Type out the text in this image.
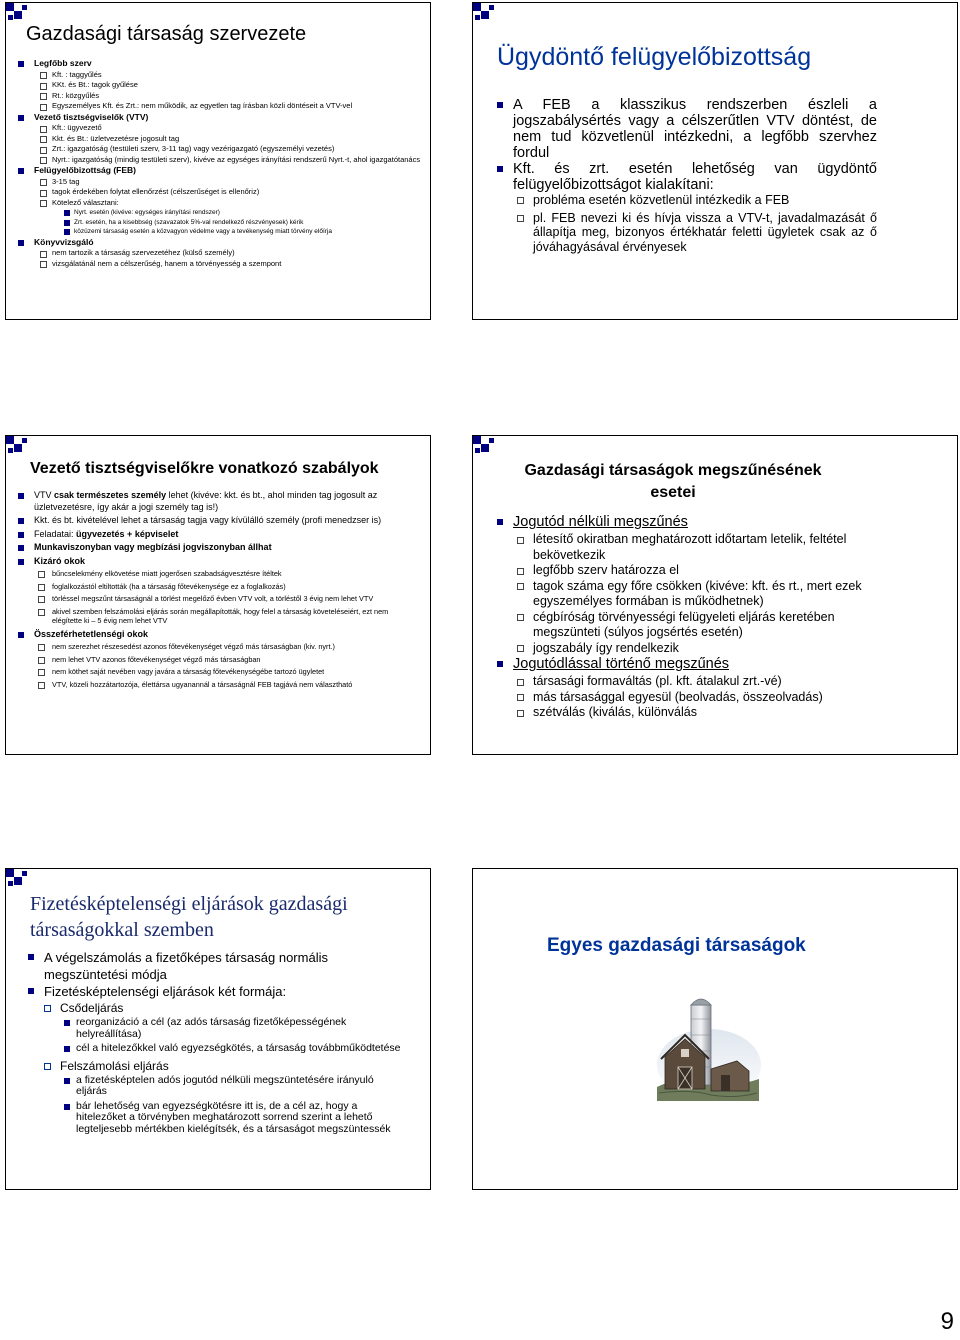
Gazdasági társaság szervezete
Legfőbb szerv
Kft. : taggyűlés
KKt. és Bt.: tagok gyűlése
Rt.: közgyűlés
Egyszemélyes Kft. és Zrt.: nem működik, az egyetlen tag írásban közli döntéseit a VTV-vel
Vezető tisztségviselők (VTV)
Kft.: ügyvezető
Kkt. és Bt.: üzletvezetésre jogosult tag
Zrt.: igazgatóság (testületi szerv, 3-11 tag) vagy vezérigazgató (egyszemélyi vezetés)
Nyrt.: igazgatóság (mindig testületi szerv), kivéve az egységes irányítási rendszerű Nyrt.-t, ahol igazgatótanács
Felügyelőbizottság (FEB)
3-15 tag
tagok érdekében folytat ellenőrzést (célszerűséget is ellenőriz)
Kötelező választani:
Nyrt. esetén (kivéve: egységes irányítási rendszer)
Zrt. esetén, ha a kisebbség (szavazatok 5%-val rendelkező részvényesek) kérik
közüzemi társaság esetén a közvagyon védelme vagy a tevékenység miatt törvény előírja
Könyvvizsgáló
nem tartozik a társaság szervezetéhez (külső személy)
vizsgálatánál nem a célszerűség, hanem a törvényesség a szempont
Ügydöntő felügyelőbizottság
A FEB a klasszikus rendszerben észleli a jogszabálysértés vagy a célszerűtlen VTV döntést, de nem tud közvetlenül intézkedni, a legfőbb szervhez fordul
Kft. és zrt. esetén lehetőség van ügydöntő felügyelőbizottságot kialakítani:
probléma esetén közvetlenül intézkedik a FEB
pl. FEB nevezi ki és hívja vissza a VTV-t, javadalmazását ő állapítja meg, bizonyos értékhatár feletti ügyletek csak az ő jóváhagyásával érvényesek
Vezető tisztségviselőkre vonatkozó szabályok
VTV csak természetes személy lehet (kivéve: kkt. és bt., ahol minden tag jogosult az üzletvezetésre, így akár a jogi személy tag is!)
Kkt. és bt. kivételével lehet a társaság tagja vagy kívülálló személy (profi menedzser is)
Feladatai: ügyvezetés + képviselet
Munkaviszonyban vagy megbízási jogviszonyban állhat
Kizáró okok
bűncselekmény elkövetése miatt jogerősen szabadságvesztésre ítéltek
foglalkozástól eltiltották (ha a társaság főtevékenysége ez a foglalkozás)
törléssel megszűnt társaságnál a törlést megelőző évben VTV volt, a törléstől 3 évig nem lehet VTV
akivel szemben felszámolási eljárás során megállapították, hogy felel a társaság követeléseiért, ezt nem elégítette ki – 5 évig nem lehet VTV
Összeférhetetlenségi okok
nem szerezhet részesedést azonos főtevékenységet végző más társaságban (kiv. nyrt.)
nem lehet VTV azonos főtevékenységet végző más társaságban
nem köthet saját nevében vagy javára a társaság főtevékenységébe tartozó ügyletet
VTV, közeli hozzátartozója, élettársa ugyanannál a társaságnál FEB tagjává nem választható
Gazdasági társaságok megszűnésének esetei
Jogutód nélküli megszűnés
létesítő okiratban meghatározott időtartam letelik, feltétel bekövetkezik
legfőbb szerv határozza el
tagok száma egy főre csökken (kivéve: kft. és rt., mert ezek egyszemélyes formában is működhetnek)
cégbíróság törvényességi felügyeleti eljárás keretében megszünteti (súlyos jogsértés esetén)
jogszabály így rendelkezik
Jogutódlással történő megszűnés
társasági formaváltás (pl. kft. átalakul zrt.-vé)
más társasággal egyesül (beolvadás, összeolvadás)
szétválás (kiválás, különválás
Fizetésképtelenségi eljárások gazdasági társaságokkal szemben
A végelszámolás a fizetőképes társaság normális megszüntetési módja
Fizetésképtelenségi eljárások két formája:
Csődeljárás
reorganizáció a cél (az adós társaság fizetőképességének helyreállítása)
cél a hitelezőkkel való egyezségkötés, a társaság továbbműködtetése
Felszámolási eljárás
a fizetésképtelen adós jogutód nélküli megszüntetésére irányuló eljárás
bár lehetőség van egyezségkötésre itt is, de a cél az, hogy a hitelezőket a törvényben meghatározott sorrend szerint a lehető legteljesebb mértékben kielégítsék, és a társaságot megszüntessék
Egyes gazdasági társaságok
9
